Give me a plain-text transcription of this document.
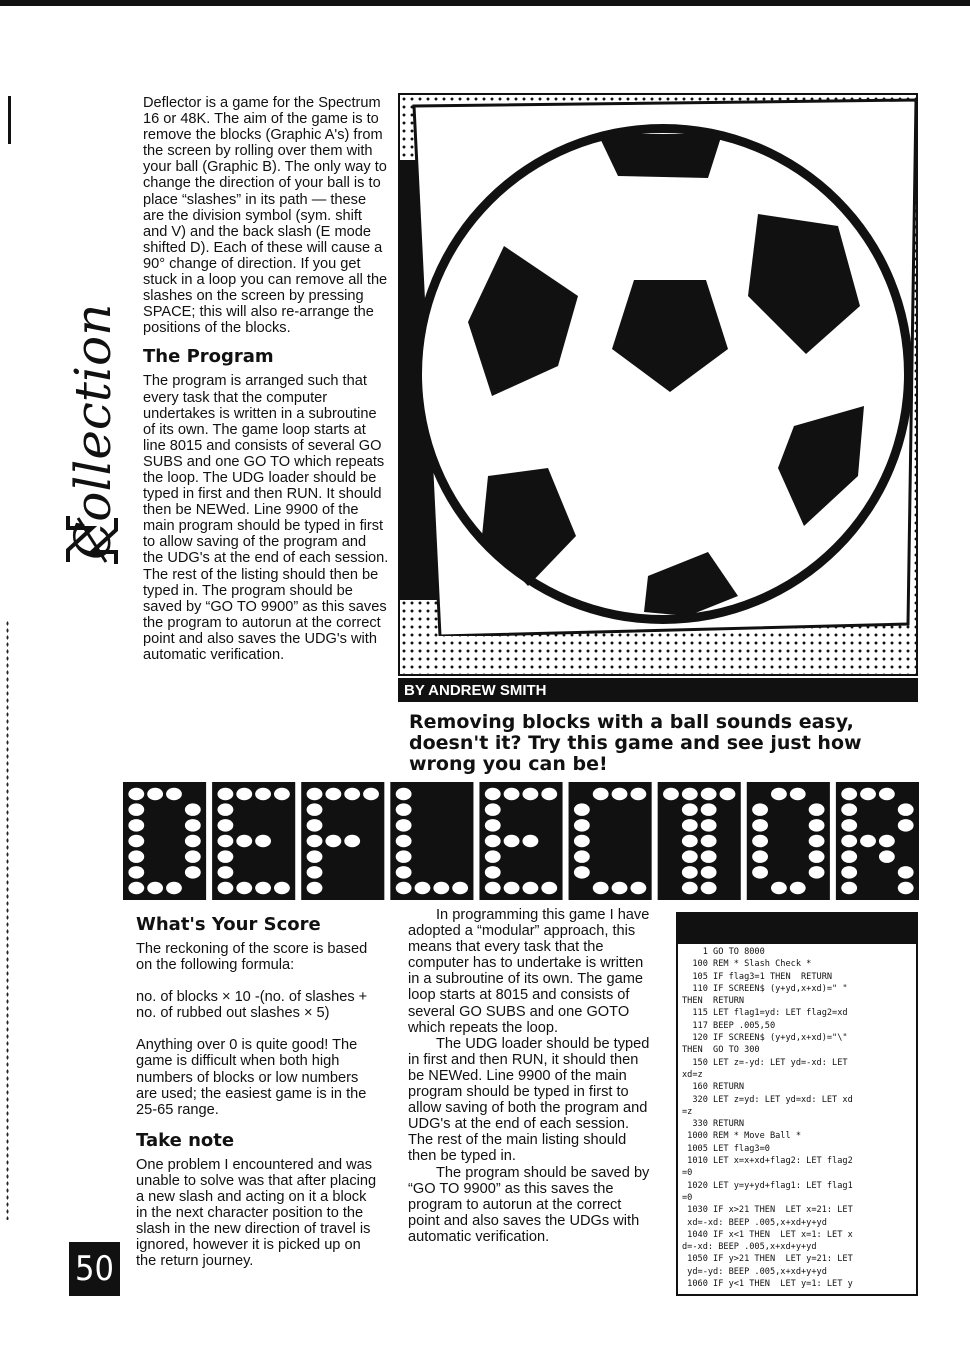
Collection

Deflector is a game for the Spectrum 16 or 48K. The aim of the game is to remove the blocks (Graphic A's) from the screen by rolling over them with your ball (Graphic B). The only way to change the direction of your ball is to place “slashes” in its path — these are the division symbol (sym. shift and V) and the back slash (E mode shifted D). Each of these will cause a 90° change of direction. If you get stuck in a loop you can remove all the slashes on the screen by pressing SPACE; this will also re-arrange the positions of the blocks.

The Program

The program is arranged such that every task that the computer undertakes is written in a subroutine of its own. The game loop starts at line 8015 and consists of several GO SUBS and one GO TO which repeats the loop. The UDG loader should be typed in first and then RUN. It should then be NEWed. Line 9900 of the main program should be typed in first to allow saving of the program and the UDG's at the end of each session. The rest of the listing should then be typed in. The program should be saved by “GO TO 9900” as this saves the program to autorun at the correct point and also saves the UDG's with automatic verification.

BY ANDREW SMITH

Removing blocks with a ball sounds easy, doesn't it? Try this game and see just how wrong you can be!

What's Your Score

The reckoning of the score is based on the following formula:

no. of blocks × 10 -(no. of slashes + no. of rubbed out slashes × 5)

Anything over 0 is quite good! The game is difficult when both high numbers of blocks or low numbers are used; the easiest game is in the 25-65 range.

Take note

One problem I encountered and was unable to solve was that after placing a new slash and acting on it a block in the next character position to the slash in the new direction of travel is ignored, however it is picked up on the return journey.

In programming this game I have adopted a “modular” approach, this means that every task that the computer has to undertake is written in a subroutine of its own. The game loop starts at 8015 and consists of several GO SUBS and one GOTO which repeats the loop.

The UDG loader should be typed in first and then RUN, it should then be NEWed. Line 9900 of the main program should be typed in first to allow saving of both the program and UDG's at the end of each session. The rest of the main listing should then be typed in.

The program should be saved by “GO TO 9900” as this saves the program to autorun at the correct point and also saves the UDGs with automatic verification.

1 GO TO 8000
100 REM * Slash Check *
105 IF flag3=1 THEN  RETURN
110 IF SCREEN$ (y+yd,x+xd)=" "
THEN  RETURN
115 LET flag1=yd: LET flag2=xd
117 BEEP .005,50
120 IF SCREEN$ (y+yd,x+xd)="\"
THEN  GO TO 300
150 LET z=-yd: LET yd=-xd: LET
xd=z
160 RETURN
320 LET z=yd: LET yd=xd: LET xd
=z
330 RETURN
1000 REM * Move Ball *
1005 LET flag3=0
1010 LET x=x+xd+flag2: LET flag2
=0
1020 LET y=y+yd+flag1: LET flag1
=0
1030 IF x>21 THEN  LET x=21: LET
xd=-xd: BEEP .005,x+xd+y+yd
1040 IF x<1 THEN  LET x=1: LET x
d=-xd: BEEP .005,x+xd+y+yd
1050 IF y>21 THEN  LET y=21: LET
yd=-yd: BEEP .005,x+xd+y+yd
1060 IF y<1 THEN  LET y=1: LET y
50
